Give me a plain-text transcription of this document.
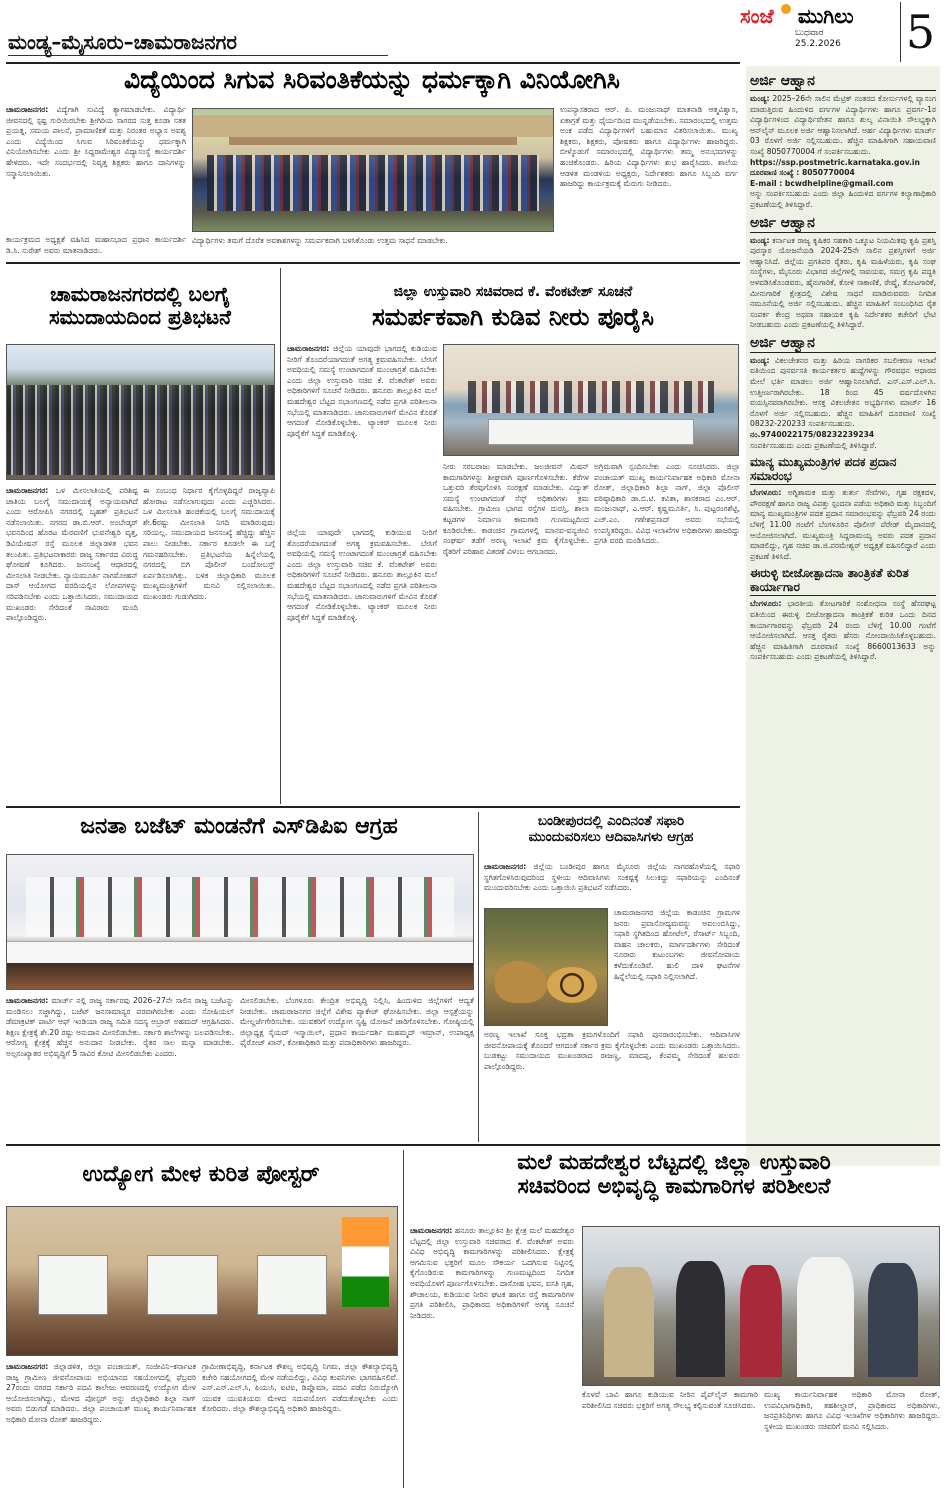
ಮಂಡ್ಯ–ಮೈಸೂರು–ಚಾಮರಾಜನಗರ
ಸಂಜೆ ಮುಗಿಲು
ಬುಧವಾರ
25.2.2026	5
ವಿದ್ಯೆಯಿಂದ ಸಿಗುವ ಸಿರಿವಂತಿಕೆಯನ್ನು ಧರ್ಮಕ್ಕಾಗಿ ವಿನಿಯೋಗಿಸಿ
ಚಾಮರಾಜನಗರ: ವಿದ್ಯೆಗಾಗಿ ಸುವಿದ್ಯೆ ತ್ಯಾಗಮಾಡಬೇಕು. ವಿದ್ಯಾರ್ಥಿ ಜೀವನದಲ್ಲಿ ಸ್ಪಷ್ಟ ಗುರಿಯಿರಬೇಕು ಶ್ರೀಗಿರಿಯ ಸಾಗರದ ಸುತ್ತ ಕೂಡಾ ಸತತ ಪ್ರಯತ್ನ, ಸಮಯ ಪಾಲನೆ, ಪ್ರಾಮಾಣಿಕತೆ ಮತ್ತು ನಿರಂತರ ಅಭ್ಯಾಸ ಅವಶ್ಯ ಎಂದು ವಿದ್ಯೆಯಿಂದ ಸಿಗುವ ಸಿರಿವಂತಿಕೆಯನ್ನು ಧರ್ಮಕ್ಕಾಗಿ ವಿನಿಯೋಗಿಸಬೇಕು ಎಂದು ಶ್ರೀ ಸಿದ್ದರಾಮೇಶ್ವರ ವಿದ್ಯಾಸಂಸ್ಥೆ ಕಾರ್ಯದರ್ಶಿ ಹೇಳಿದರು. ಇದೇ ಸಂದರ್ಭದಲ್ಲಿ ನಿವೃತ್ತ ಶಿಕ್ಷಕರು ಹಾಗೂ ದಾನಿಗಳನ್ನು ಸನ್ಮಾನಿಸಲಾಯಿತು.
ಕಾರ್ಯಕ್ರಮದ ಅಧ್ಯಕ್ಷತೆ ವಹಿಸಿದ ಮಹಾಸಭಾದ ಪ್ರಧಾನ ಕಾರ್ಯದರ್ಶಿ ಡಿ.ಸಿ. ಸುರೇಶ್ ಅವರು ಮಾತನಾಡಿದರು.
ವಿದ್ಯಾರ್ಥಿಗಳು ತಮಗೆ ದೊರೆತ ಅವಕಾಶಗಳನ್ನು ಸಮರ್ಪಕವಾಗಿ ಬಳಸಿಕೊಂಡು ಉತ್ತಮ ಸಾಧನೆ ಮಾಡಬೇಕು.
ಉಪನ್ಯಾಸಕರಾದ ಆರ್. ಪಿ. ಮಂಜುನಾಥ್ ಮಾತನಾಡಿ ಆತ್ಮವಿಶ್ವಾಸ, ಏಕಾಗ್ರತೆ ಮತ್ತು ಧೈರ್ಯದಿಂದ ಮುನ್ನಡೆಯಬೇಕು. ಸಮಾರಂಭದಲ್ಲಿ ಉತ್ತಮ ಅಂಕ ಪಡೆದ ವಿದ್ಯಾರ್ಥಿಗಳಿಗೆ ಬಹುಮಾನ ವಿತರಿಸಲಾಯಿತು. ಮುಖ್ಯ ಶಿಕ್ಷಕರು, ಶಿಕ್ಷಕರು, ಪೋಷಕರು ಹಾಗೂ ವಿದ್ಯಾರ್ಥಿಗಳು ಹಾಜರಿದ್ದರು. ಬೀಳ್ಕೊಡುಗೆ ಸಮಾರಂಭದಲ್ಲಿ ವಿದ್ಯಾರ್ಥಿಗಳು ತಮ್ಮ ಅನುಭವಗಳನ್ನು ಹಂಚಿಕೊಂಡರು. ಹಿರಿಯ ವಿದ್ಯಾರ್ಥಿಗಳು ಶುಭ ಹಾರೈಸಿದರು. ಶಾಲೆಯ ಆಡಳಿತ ಮಂಡಳಿಯ ಅಧ್ಯಕ್ಷರು, ನಿರ್ದೇಶಕರು ಹಾಗೂ ಸಿಬ್ಬಂದಿ ವರ್ಗ ಹಾಜರಿದ್ದು ಕಾರ್ಯಕ್ರಮಕ್ಕೆ ಮೆರುಗು ನೀಡಿದರು.
ಚಾಮರಾಜನಗರದಲ್ಲಿ ಬಲಗೈ
ಸಮುದಾಯದಿಂದ ಪ್ರತಿಭಟನೆ
ಚಾಮರಾಜನಗರ: ಒಳ ಮೀಸಲಾತಿಯಲ್ಲಿ ಪರಿಶಿಷ್ಟ ಜಾತಿಯ ಬಲಗೈ ಸಮುದಾಯಕ್ಕೆ ಅನ್ಯಾಯವಾಗಿದೆ ಎಂದು ಆರೋಪಿಸಿ ನಗರದಲ್ಲಿ ಬೃಹತ್ ಪ್ರತಿಭಟನೆ ನಡೆಸಲಾಯಿತು. ನಗರದ ಡಾ.ಬಿ.ಆರ್. ಅಂಬೇಡ್ಕರ್ ಭವನದಿಂದ ಹೊರಟ ಮೆರವಣಿಗೆ ಭುವನೇಶ್ವರಿ ವೃತ್ತ, ಡಿವಿಯೇಷನ್ ರಸ್ತೆ ಮೂಲಕ ಜಿಲ್ಲಾಡಳಿತ ಭವನ ತಲುಪಿತು. ಪ್ರತಿಭಟನಾಕಾರರು ರಾಜ್ಯ ಸರ್ಕಾರದ ವಿರುದ್ಧ ಘೋಷಣೆ ಕೂಗಿದರು. ಜನಸಂಖ್ಯೆ ಆಧಾರದಲ್ಲಿ ಮೀಸಲಾತಿ ನೀಡಬೇಕು. ನ್ಯಾಯಮೂರ್ತಿ ನಾಗಮೋಹನ್ ದಾಸ್ ಆಯೋಗದ ವರದಿಯಲ್ಲಿನ ಲೋಪಗಳನ್ನು ಸರಿಪಡಿಸಬೇಕು ಎಂದು ಒತ್ತಾಯಿಸಿದರು. ಸಮುದಾಯದ ಮುಖಂಡರು ಸೇರಿದಂತೆ ಸಾವಿರಾರು ಮಂದಿ ಪಾಲ್ಗೊಂಡಿದ್ದರು.
ಈ ಸಂಬಂಧ ನಿರ್ಧಾರ ಕೈಗೊಳ್ಳದಿದ್ದರೆ ರಾಜ್ಯವ್ಯಾಪಿ ಹೋರಾಟ ನಡೆಸಲಾಗುವುದು ಎಂದು ಎಚ್ಚರಿಸಿದರು. ಒಳ ಮೀಸಲಾತಿ ಹಂಚಿಕೆಯಲ್ಲಿ ಬಲಗೈ ಸಮುದಾಯಕ್ಕೆ ಶೇ.6ರಷ್ಟು ಮೀಸಲಾತಿ ನಿಗದಿ ಮಾಡಿರುವುದು ಸರಿಯಲ್ಲ. ಸಮುದಾಯದ ಜನಸಂಖ್ಯೆ ಹೆಚ್ಚಿದ್ದು ಹೆಚ್ಚಿನ ಪಾಲು ನೀಡಬೇಕು. ಸರ್ಕಾರ ಕೂಡಲೇ ಈ ಬಗ್ಗೆ ಗಮನಹರಿಸಬೇಕು. ಪ್ರತಿಭಟನೆಯ ಹಿನ್ನೆಲೆಯಲ್ಲಿ ನಗರದಲ್ಲಿ ಬಿಗಿ ಪೊಲೀಸ್ ಬಂದೋಬಸ್ತ್ ಏರ್ಪಡಿಸಲಾಗಿತ್ತು. ಬಳಿಕ ಜಿಲ್ಲಾಧಿಕಾರಿ ಮೂಲಕ ಮುಖ್ಯಮಂತ್ರಿಗಳಿಗೆ ಮನವಿ ಸಲ್ಲಿಸಲಾಯಿತು. ಮುಖಂಡರು ಗುಡುಗಿದರು.
ಜಿಲ್ಲಾ ಉಸ್ತುವಾರಿ ಸಚಿವರಾದ ಕೆ. ವೆಂಕಟೇಶ್ ಸೂಚನೆ
ಸಮರ್ಪಕವಾಗಿ ಕುಡಿವ ನೀರು ಪೂರೈಸಿ
ಚಾಮರಾಜನಗರ: ಜಿಲ್ಲೆಯ ಯಾವುದೇ ಭಾಗದಲ್ಲಿ ಕುಡಿಯುವ ನೀರಿಗೆ ತೊಂದರೆಯಾಗದಂತೆ ಅಗತ್ಯ ಕ್ರಮವಹಿಸಬೇಕು. ಬೇಸಿಗೆ ಅವಧಿಯಲ್ಲಿ ಸಮಸ್ಯೆ ಉಂಟಾಗದಂತೆ ಮುಂಜಾಗ್ರತೆ ವಹಿಸಬೇಕು ಎಂದು ಜಿಲ್ಲಾ ಉಸ್ತುವಾರಿ ಸಚಿವ ಕೆ. ವೆಂಕಟೇಶ್ ಅವರು ಅಧಿಕಾರಿಗಳಿಗೆ ಸೂಚನೆ ನೀಡಿದರು. ಹನೂರು ತಾಲ್ಲೂಕಿನ ಮಲೆ ಮಹದೇಶ್ವರ ಬೆಟ್ಟದ ಸಭಾಂಗಣದಲ್ಲಿ ನಡೆದ ಪ್ರಗತಿ ಪರಿಶೀಲನಾ ಸಭೆಯಲ್ಲಿ ಮಾತನಾಡಿದರು. ಜಾನುವಾರುಗಳಿಗೆ ಮೇವಿನ ಕೊರತೆ ಆಗದಂತೆ ನೋಡಿಕೊಳ್ಳಬೇಕು. ಟ್ಯಾಂಕರ್ ಮೂಲಕ ನೀರು ಪೂರೈಕೆಗೆ ಸಿದ್ಧತೆ ಮಾಡಿಕೊಳ್ಳಿ.
ಜಿಲ್ಲೆಯ ಯಾವುದೇ ಭಾಗದಲ್ಲಿ ಕುಡಿಯುವ ನೀರಿಗೆ ತೊಂದರೆಯಾಗದಂತೆ ಅಗತ್ಯ ಕ್ರಮವಹಿಸಬೇಕು. ಬೇಸಿಗೆ ಅವಧಿಯಲ್ಲಿ ಸಮಸ್ಯೆ ಉಂಟಾಗದಂತೆ ಮುಂಜಾಗ್ರತೆ ವಹಿಸಬೇಕು ಎಂದು ಜಿಲ್ಲಾ ಉಸ್ತುವಾರಿ ಸಚಿವ ಕೆ. ವೆಂಕಟೇಶ್ ಅವರು ಅಧಿಕಾರಿಗಳಿಗೆ ಸೂಚನೆ ನೀಡಿದರು. ಹನೂರು ತಾಲ್ಲೂಕಿನ ಮಲೆ ಮಹದೇಶ್ವರ ಬೆಟ್ಟದ ಸಭಾಂಗಣದಲ್ಲಿ ನಡೆದ ಪ್ರಗತಿ ಪರಿಶೀಲನಾ ಸಭೆಯಲ್ಲಿ ಮಾತನಾಡಿದರು. ಜಾನುವಾರುಗಳಿಗೆ ಮೇವಿನ ಕೊರತೆ ಆಗದಂತೆ ನೋಡಿಕೊಳ್ಳಬೇಕು. ಟ್ಯಾಂಕರ್ ಮೂಲಕ ನೀರು ಪೂರೈಕೆಗೆ ಸಿದ್ಧತೆ ಮಾಡಿಕೊಳ್ಳಿ.
ನೀರು ಸರಬರಾಜು ಮಾಡಬೇಕು. ಜಲಜೀವನ್ ಮಿಷನ್ ಕಾಮಗಾರಿಗಳನ್ನು ಶೀಘ್ರವಾಗಿ ಪೂರ್ಣಗೊಳಿಸಬೇಕು. ಕೆರೆಗಳ ಒತ್ತುವರಿ ತೆರವುಗೊಳಿಸಿ ಸಂರಕ್ಷಣೆ ಮಾಡಬೇಕು. ವಿದ್ಯುತ್ ಸಮಸ್ಯೆ ಉಂಟಾಗದಂತೆ ಸೆಸ್ಕ್ ಅಧಿಕಾರಿಗಳು ಕ್ರಮ ವಹಿಸಬೇಕು. ಗ್ರಾಮೀಣ ಭಾಗದ ರಸ್ತೆಗಳ ದುರಸ್ತಿ, ಶಾಲಾ ಕಟ್ಟಡಗಳ ನಿರ್ಮಾಣ ಕಾಮಗಾರಿ ಗುಣಮಟ್ಟದಿಂದ ಕೂಡಿರಬೇಕು. ಕಾಡಂಚಿನ ಗ್ರಾಮಗಳಲ್ಲಿ ಮಾನವ-ವನ್ಯಜೀವಿ ಸಂಘರ್ಷ ತಡೆಗೆ ಅರಣ್ಯ ಇಲಾಖೆ ಕ್ರಮ ಕೈಗೊಳ್ಳಬೇಕು. ರೈತರಿಗೆ ಪರಿಹಾರ ವಿತರಣೆ ವಿಳಂಬ ಆಗಬಾರದು.
ಅಗ್ರಿಮವಾಗಿ ಸ್ಪಂದಿಸಬೇಕು ಎಂದು ಸೂಚಿಸಿದರು. ಜಿಲ್ಲಾ ಪಂಚಾಯತ್ ಮುಖ್ಯ ಕಾರ್ಯನಿರ್ವಾಹಕ ಅಧಿಕಾರಿ ಮೋನಾ ರೋತ್, ಜಿಲ್ಲಾಧಿಕಾರಿ ಶಿಲ್ಪಾ ನಾಗ್, ಜಿಲ್ಲಾ ಪೊಲೀಸ್ ವರಿಷ್ಠಾಧಿಕಾರಿ ಡಾ.ಬಿ.ಟಿ. ಕವಿತಾ, ಶಾಸಕರಾದ ಎಂ.ಆರ್. ಮಂಜುನಾಥ್, ಎ.ಆರ್. ಕೃಷ್ಣಮೂರ್ತಿ, ಸಿ. ಪುಟ್ಟರಂಗಶೆಟ್ಟಿ, ಎಚ್.ಎಂ. ಗಣೇಶಪ್ರಸಾದ್ ಅವರು ಸಭೆಯಲ್ಲಿ ಉಪಸ್ಥಿತರಿದ್ದರು. ವಿವಿಧ ಇಲಾಖೆಗಳ ಅಧಿಕಾರಿಗಳು ಹಾಜರಿದ್ದು ಪ್ರಗತಿ ವರದಿ ಮಂಡಿಸಿದರು.
ಅರ್ಜಿ ಆಹ್ವಾನ
ಮಂಡ್ಯ: 2025–26ನೇ ಸಾಲಿನ ಮೆಟ್ರಿಕ್ ನಂತರದ ಕೋರ್ಸುಗಳಲ್ಲಿ ವ್ಯಾಸಂಗ ಮಾಡುತ್ತಿರುವ ಹಿಂದುಳಿದ ವರ್ಗಗಳ ವಿದ್ಯಾರ್ಥಿಗಳು ಹಾಗೂ ಪ್ರವರ್ಗ-1ರ ವಿದ್ಯಾರ್ಥಿಗಳಿಂದ ವಿದ್ಯಾರ್ಥಿವೇತನ ಹಾಗೂ ಶುಲ್ಕ ವಿನಾಯಿತಿ ಸೌಲಭ್ಯಕ್ಕಾಗಿ ಆನ್‌ಲೈನ್ ಮೂಲಕ ಅರ್ಜಿ ಆಹ್ವಾನಿಸಲಾಗಿದೆ. ಅರ್ಹ ವಿದ್ಯಾರ್ಥಿಗಳು ಮಾರ್ಚ್ 03 ರೊಳಗೆ ಅರ್ಜಿ ಸಲ್ಲಿಸಬಹುದು. ಹೆಚ್ಚಿನ ಮಾಹಿತಿಗಾಗಿ ಸಹಾಯವಾಣಿ ಸಂಖ್ಯೆ 8050770004 ಗೆ ಸಂಪರ್ಕಿಸಬಹುದು.
https://ssp.postmetric.karnataka.gov.in
ದೂರವಾಣಿ ಸಂಖ್ಯೆ : 8050770004
E-mail : bcwdhelpline@gmail.com
ಅನ್ನು ಸಂಪರ್ಕಿಸಬಹುದು ಎಂದು ಜಿಲ್ಲಾ ಹಿಂದುಳಿದ ವರ್ಗಗಳ ಕಲ್ಯಾಣಾಧಿಕಾರಿ ಪ್ರಕಟಣೆಯಲ್ಲಿ ತಿಳಿಸಿದ್ದಾರೆ.
ಅರ್ಜಿ ಆಹ್ವಾನ
ಮಂಡ್ಯ: ಕರ್ನಾಟಕ ರಾಜ್ಯ ಕೃಷಿಕರ ಸಹಕಾರಿ ಒಕ್ಕೂಟ ನಿಯಮಿತವು ಕೃಷಿ ಪ್ರಶಸ್ತಿ ಪುರಸ್ಕಾರ ಯೋಜನೆಯಡಿ 2024-25ನೇ ಸಾಲಿನ ಪ್ರಶಸ್ತಿಗಳಿಗೆ ಅರ್ಜಿ ಆಹ್ವಾನಿಸಿದೆ. ಜಿಲ್ಲೆಯ ಪ್ರಗತಿಪರ ರೈತರು, ಕೃಷಿ ಮಹಿಳೆಯರು, ಕೃಷಿ ಸಂಘ ಸಂಸ್ಥೆಗಳು, ಮೈಸೂರು ವಿಭಾಗದ ಜಿಲ್ಲೆಗಳಲ್ಲಿ ಸಾವಯವ, ಸಮಗ್ರ ಕೃಷಿ ಪದ್ಧತಿ ಅಳವಡಿಸಿಕೊಂಡವರು, ಹೈನುಗಾರಿಕೆ, ಕೋಳಿ ಸಾಕಾಣಿಕೆ, ರೇಷ್ಮೆ, ತೋಟಗಾರಿಕೆ, ಮೀನುಗಾರಿಕೆ ಕ್ಷೇತ್ರದಲ್ಲಿ ವಿಶೇಷ ಸಾಧನೆ ಮಾಡಿರುವವರು ನಿಗದಿತ ನಮೂನೆಯಲ್ಲಿ ಅರ್ಜಿ ಸಲ್ಲಿಸಬಹುದು. ಹೆಚ್ಚಿನ ಮಾಹಿತಿಗೆ ಸಂಬಂಧಿಸಿದ ರೈತ ಸಂಪರ್ಕ ಕೇಂದ್ರ ಅಥವಾ ಸಹಾಯಕ ಕೃಷಿ ನಿರ್ದೇಶಕರ ಕಚೇರಿಗೆ ಭೇಟಿ ನೀಡಬಹುದು ಎಂದು ಪ್ರಕಟಣೆಯಲ್ಲಿ ತಿಳಿಸಿದ್ದಾರೆ.
ಅರ್ಜಿ ಆಹ್ವಾನ
ಮಂಡ್ಯ: ವಿಕಲಚೇತನರ ಮತ್ತು ಹಿರಿಯ ನಾಗರಿಕರ ಸಬಲೀಕರಣ ಇಲಾಖೆ ವತಿಯಿಂದ ಪುನರ್ವಸತಿ ಕಾರ್ಯಕರ್ತರ ಹುದ್ದೆಗಳನ್ನು ಗೌರವಧನ ಆಧಾರದ ಮೇಲೆ ಭರ್ತಿ ಮಾಡಲು ಅರ್ಜಿ ಆಹ್ವಾನಿಸಲಾಗಿದೆ. ಎಸ್.ಎಸ್.ಎಲ್.ಸಿ. ಉತ್ತೀರ್ಣರಾಗಿರಬೇಕು. 18 ರಿಂದ 45 ವರ್ಷದೊಳಗಿನ ವಯಸ್ಸಿನವರಾಗಿರಬೇಕು. ಆಸಕ್ತ ವಿಕಲಚೇತನ ಅಭ್ಯರ್ಥಿಗಳು ಮಾರ್ಚ್ 16 ರೊಳಗೆ ಅರ್ಜಿ ಸಲ್ಲಿಸಬಹುದು. ಹೆಚ್ಚಿನ ಮಾಹಿತಿಗೆ ದೂರವಾಣಿ ಸಂಖ್ಯೆ 08232-220233 ಸಂಪರ್ಕಿಸಬಹುದು.
ನಂ.9740022175/08232239234
ಸಂಪರ್ಕಿಸಬಹುದು ಎಂದು ಪ್ರಕಟಣೆಯಲ್ಲಿ ತಿಳಿಸಿದ್ದಾರೆ.
ಮಾನ್ಯ ಮುಖ್ಯಮಂತ್ರಿಗಳ ಪದಕ ಪ್ರದಾನ ಸಮಾರಂಭ
ಬೆಂಗಳೂರು: ಅಗ್ನಿಶಾಮಕ ಮತ್ತು ತುರ್ತು ಸೇವೆಗಳು, ಗೃಹ ರಕ್ಷಕದಳ, ಪೌರರಕ್ಷಣೆ ಹಾಗೂ ರಾಜ್ಯ ವಿಪತ್ತು ಸ್ಪಂದನಾ ಪಡೆಯ ಅಧಿಕಾರಿ ಮತ್ತು ಸಿಬ್ಬಂದಿಗೆ ಮಾನ್ಯ ಮುಖ್ಯಮಂತ್ರಿಗಳ ಪದಕ ಪ್ರದಾನ ಸಮಾರಂಭವನ್ನು ಫೆಬ್ರವರಿ 24 ರಂದು ಬೆಳಿಗ್ಗೆ 11.00 ಗಂಟೆಗೆ ಬೆಂಗಳೂರಿನ ಪೊಲೀಸ್ ಪೆರೇಡ್ ಮೈದಾನದಲ್ಲಿ ಆಯೋಜಿಸಲಾಗಿದೆ. ಮುಖ್ಯಮಂತ್ರಿ ಸಿದ್ದರಾಮಯ್ಯ ಅವರು ಪದಕ ಪ್ರದಾನ ಮಾಡಲಿದ್ದು, ಗೃಹ ಸಚಿವ ಡಾ.ಜಿ.ಪರಮೇಶ್ವರ್ ಅಧ್ಯಕ್ಷತೆ ವಹಿಸಲಿದ್ದಾರೆ ಎಂದು ಪ್ರಕಟಣೆ ತಿಳಿಸಿದೆ.
ಈರುಳ್ಳಿ ಬೀಜೋತ್ಪಾದನಾ ತಾಂತ್ರಿಕತೆ ಕುರಿತ ಕಾರ್ಯಾಗಾರ
ಬೆಂಗಳೂರು: ಭಾರತೀಯ ತೋಟಗಾರಿಕೆ ಸಂಶೋಧನಾ ಸಂಸ್ಥೆ ಹೆಸರಘಟ್ಟ ವತಿಯಿಂದ ಈರುಳ್ಳಿ ಬೀಜೋತ್ಪಾದನಾ ತಾಂತ್ರಿಕತೆ ಕುರಿತ ಒಂದು ದಿನದ ಕಾರ್ಯಾಗಾರವನ್ನು ಫೆಬ್ರವರಿ 24 ರಂದು ಬೆಳಿಗ್ಗೆ 10.00 ಗಂಟೆಗೆ ಆಯೋಜಿಸಲಾಗಿದೆ. ಆಸಕ್ತ ರೈತರು ಹೆಸರು ನೋಂದಾಯಿಸಿಕೊಳ್ಳಬಹುದು. ಹೆಚ್ಚಿನ ಮಾಹಿತಿಗಾಗಿ ದೂರವಾಣಿ ಸಂಖ್ಯೆ 8660013633 ಅನ್ನು ಸಂಪರ್ಕಿಸಬಹುದು ಎಂದು ಪ್ರಕಟಣೆಯಲ್ಲಿ ತಿಳಿಸಿದ್ದಾರೆ.
ಜನತಾ ಬಜೆಟ್ ಮಂಡನೆಗೆ ಎಸ್‌ಡಿಪಿಐ ಆಗ್ರಹ
ಚಾಮರಾಜನಗರ: ಮಾರ್ಚ್ ನಲ್ಲಿ ರಾಜ್ಯ ಸರ್ಕಾರವು 2026–27ನೇ ಸಾಲಿನ ರಾಜ್ಯ ಬಜೆಟನ್ನು ಮಂಡಿಸಲು ಸಜ್ಜಾಗಿದ್ದು, ಬಜೆಟ್ ಜನಸಾಮಾನ್ಯರ ಪರವಾಗಿರಬೇಕು ಎಂದು ಸೋಷಿಯಲ್ ಡೆಮಾಕ್ರಟಿಕ್ ಪಾರ್ಟಿ ಆಫ್ ಇಂಡಿಯಾ ರಾಜ್ಯ ಸಮಿತಿ ಸದಸ್ಯ ಅಬ್ರಾರ್ ಅಹಮದ್ ಆಗ್ರಹಿಸಿದರು. ಶಿಕ್ಷಣ ಕ್ಷೇತ್ರಕ್ಕೆ ಶೇ.20 ರಷ್ಟು ಅನುದಾನ ಮೀಸಲಿಡಬೇಕು. ಸರ್ಕಾರಿ ಶಾಲೆಗಳನ್ನು ಬಲಪಡಿಸಬೇಕು. ಆರೋಗ್ಯ ಕ್ಷೇತ್ರಕ್ಕೆ ಹೆಚ್ಚಿನ ಅನುದಾನ ನೀಡಬೇಕು. ರೈತರ ಸಾಲ ಮನ್ನಾ ಮಾಡಬೇಕು. ಅಲ್ಪಸಂಖ್ಯಾತರ ಅಭಿವೃದ್ಧಿಗೆ 5 ಸಾವಿರ ಕೋಟಿ ಮೀಸಲಿಡಬೇಕು ಎಂದರು.
ಮೀಸಲಿಡಬೇಕು. ಬೆಂಗಳೂರು ಕೇಂದ್ರಿತ ಅಭಿವೃದ್ಧಿ ನಿಲ್ಲಿಸಿ, ಹಿಂದುಳಿದ ಜಿಲ್ಲೆಗಳಿಗೆ ಆದ್ಯತೆ ನೀಡಬೇಕು. ಚಾಮರಾಜನಗರ ಜಿಲ್ಲೆಗೆ ವಿಶೇಷ ಪ್ಯಾಕೇಜ್ ಘೋಷಿಸಬೇಕು. ಜಿಲ್ಲಾ ಆಸ್ಪತ್ರೆಯನ್ನು ಮೇಲ್ದರ್ಜೆಗೇರಿಸಬೇಕು. ಯುವಕರಿಗೆ ಉದ್ಯೋಗ ಸೃಷ್ಟಿ ಯೋಜನೆ ಜಾರಿಗೊಳಿಸಬೇಕು. ಗೋಷ್ಠಿಯಲ್ಲಿ ಜಿಲ್ಲಾಧ್ಯಕ್ಷ ಸೈಯದ್ ಇಸ್ಮಾಯಿಲ್, ಪ್ರಧಾನ ಕಾರ್ಯದರ್ಶಿ ಮಹಮ್ಮದ್ ಇಮ್ರಾನ್, ಉಪಾಧ್ಯಕ್ಷ ಫೈರೋಜ್ ಖಾನ್, ಕೋಶಾಧಿಕಾರಿ ಮತ್ತು ಪದಾಧಿಕಾರಿಗಳು ಹಾಜರಿದ್ದರು.
ಬಂಡೀಪುರದಲ್ಲಿ ಎಂದಿನಂತೆ ಸಫಾರಿ
ಮುಂದುವರಿಸಲು ಆದಿವಾಸಿಗಳು ಆಗ್ರಹ
ಚಾಮರಾಜನಗರ: ಜಿಲ್ಲೆಯ ಬಂಡೀಪುರ ಹಾಗೂ ಮೈಸೂರು ಜಿಲ್ಲೆಯ ನಾಗರಹೊಳೆಯಲ್ಲಿ ಸಫಾರಿ ಸ್ಥಗಿತಗೊಳಿಸಿರುವುದರಿಂದ ಸ್ಥಳೀಯ ಆದಿವಾಸಿಗಳು ಸಂಕಷ್ಟಕ್ಕೆ ಸಿಲುಕಿದ್ದು ಸಫಾರಿಯನ್ನು ಎಂದಿನಂತೆ ಮುಂದುವರಿಸಬೇಕು ಎಂದು ಒತ್ತಾಯಿಸಿ ಪ್ರತಿಭಟನೆ ನಡೆಸಿದರು.
ಚಾಮರಾಜನಗರ ಜಿಲ್ಲೆಯ ಕಾಡಂಚಿನ ಗ್ರಾಮಗಳ ಜನರು ಪ್ರವಾಸೋದ್ಯಮವನ್ನು ಅವಲಂಬಿಸಿದ್ದು, ಸಫಾರಿ ಸ್ಥಗಿತದಿಂದ ಹೋಟೆಲ್, ರೆಸಾರ್ಟ್ ಸಿಬ್ಬಂದಿ, ವಾಹನ ಚಾಲಕರು, ಮಾರ್ಗದರ್ಶಿಗಳು ಸೇರಿದಂತೆ ನೂರಾರು ಕುಟುಂಬಗಳು ಜೀವನೋಪಾಯ ಕಳೆದುಕೊಂಡಿವೆ. ಹುಲಿ ದಾಳಿ ಘಟನೆಗಳ ಹಿನ್ನೆಲೆಯಲ್ಲಿ ಸಫಾರಿ ನಿಲ್ಲಿಸಲಾಗಿದೆ.
ಅರಣ್ಯ ಇಲಾಖೆ ಸೂಕ್ತ ಭದ್ರತಾ ಕ್ರಮಗಳೊಂದಿಗೆ ಸಫಾರಿ ಪುನರಾರಂಭಿಸಬೇಕು. ಆದಿವಾಸಿಗಳ ಜೀವನೋಪಾಯಕ್ಕೆ ತೊಂದರೆ ಆಗದಂತೆ ಸರ್ಕಾರ ಕ್ರಮ ಕೈಗೊಳ್ಳಬೇಕು ಎಂದು ಮುಖಂಡರು ಒತ್ತಾಯಿಸಿದರು. ಬುಡಕಟ್ಟು ಸಮುದಾಯದ ಮುಖಂಡರಾದ ರಾಜಣ್ಣ, ಮಾದಪ್ಪ, ಕೆಂಪಮ್ಮ ಸೇರಿದಂತೆ ಹಲವರು ಪಾಲ್ಗೊಂಡಿದ್ದರು.
ಉದ್ಯೋಗ ಮೇಳ ಕುರಿತ ಪೋಸ್ಟರ್
ಚಾಮರಾಜನಗರ: ಜಿಲ್ಲಾಡಳಿತ, ಜಿಲ್ಲಾ ಪಂಚಾಯತ್, ಸಂಜೀವಿನಿ–ಕರ್ನಾಟಕ ರಾಜ್ಯ ಗ್ರಾಮೀಣ ಜೀವನೋಪಾಯ ಅಭಿಯಾನದ ಸಹಯೋಗದಲ್ಲಿ ಫೆಬ್ರವರಿ 27ರಂದು ನಗರದ ಸರ್ಕಾರಿ ಪದವಿ ಕಾಲೇಜು ಆವರಣದಲ್ಲಿ ಉದ್ಯೋಗ ಮೇಳ ಆಯೋಜಿಸಲಾಗಿದ್ದು, ಮೇಳದ ಪೋಸ್ಟರ್ ಅನ್ನು ಜಿಲ್ಲಾಧಿಕಾರಿ ಶಿಲ್ಪಾ ನಾಗ್ ಅವರು ಬಿಡುಗಡೆ ಮಾಡಿದರು. ಜಿಲ್ಲಾ ಪಂಚಾಯತ್ ಮುಖ್ಯ ಕಾರ್ಯನಿರ್ವಾಹಕ ಅಧಿಕಾರಿ ಮೋನಾ ರೋತ್ ಹಾಜರಿದ್ದರು.
ಗ್ರಾಮೀಣಾಭಿವೃದ್ಧಿ, ಕರ್ನಾಟಕ ಕೌಶಲ್ಯ ಅಭಿವೃದ್ಧಿ ನಿಗಮ, ಜಿಲ್ಲಾ ಕೌಶಲ್ಯಾಭಿವೃದ್ಧಿ ಕಚೇರಿ ಸಹಯೋಗದಲ್ಲಿ ಮೇಳ ನಡೆಯಲಿದ್ದು, ವಿವಿಧ ಕಂಪನಿಗಳು ಭಾಗವಹಿಸಲಿವೆ. ಎಸ್.ಎಸ್.ಎಲ್.ಸಿ, ಪಿಯುಸಿ, ಐಟಿಐ, ಡಿಪ್ಲೊಮಾ, ಪದವಿ ಪಡೆದ ನಿರುದ್ಯೋಗಿ ಯುವಕ ಯುವತಿಯರು ಮೇಳದ ಸದುಪಯೋಗ ಪಡೆದುಕೊಳ್ಳಬೇಕು ಎಂದು ಕೋರಿದರು. ಜಿಲ್ಲಾ ಕೌಶಲ್ಯಾಭಿವೃದ್ಧಿ ಅಧಿಕಾರಿ ಹಾಜರಿದ್ದರು.
ಮಲೆ ಮಹದೇಶ್ವರ ಬೆಟ್ಟದಲ್ಲಿ ಜಿಲ್ಲಾ ಉಸ್ತುವಾರಿ
ಸಚಿವರಿಂದ ಅಭಿವೃದ್ಧಿ ಕಾಮಗಾರಿಗಳ ಪರಿಶೀಲನೆ
ಚಾಮರಾಜನಗರ: ಹನೂರು ತಾಲ್ಲೂಕಿನ ಶ್ರೀ ಕ್ಷೇತ್ರ ಮಲೆ ಮಹದೇಶ್ವರ ಬೆಟ್ಟದಲ್ಲಿ ಜಿಲ್ಲಾ ಉಸ್ತುವಾರಿ ಸಚಿವರಾದ ಕೆ. ವೆಂಕಟೇಶ್ ಅವರು ವಿವಿಧ ಅಭಿವೃದ್ಧಿ ಕಾಮಗಾರಿಗಳನ್ನು ಪರಿಶೀಲಿಸಿದರು. ಕ್ಷೇತ್ರಕ್ಕೆ ಆಗಮಿಸುವ ಭಕ್ತರಿಗೆ ಮೂಲ ಸೌಕರ್ಯ ಒದಗಿಸುವ ನಿಟ್ಟಿನಲ್ಲಿ ಕೈಗೊಂಡಿರುವ ಕಾಮಗಾರಿಗಳನ್ನು ಗುಣಮಟ್ಟದಿಂದ ನಿಗದಿತ ಅವಧಿಯೊಳಗೆ ಪೂರ್ಣಗೊಳಿಸಬೇಕು. ದಾಸೋಹ ಭವನ, ವಸತಿ ಗೃಹ, ಶೌಚಾಲಯ, ಕುಡಿಯುವ ನೀರಿನ ಘಟಕ ಹಾಗೂ ರಸ್ತೆ ಕಾಮಗಾರಿಗಳ ಪ್ರಗತಿ ಪರಿಶೀಲಿಸಿ, ಪ್ರಾಧಿಕಾರದ ಅಧಿಕಾರಿಗಳಿಗೆ ಅಗತ್ಯ ಸೂಚನೆ ನೀಡಿದರು.
ಕೊಳವೆ ಬಾವಿ ಹಾಗೂ ಕುಡಿಯುವ ನೀರಿನ ಪೈಪ್‌ಲೈನ್ ಕಾಮಗಾರಿ ಪರಿಶೀಲಿಸಿದ ಸಚಿವರು ಭಕ್ತರಿಗೆ ಅಗತ್ಯ ಸೌಲಭ್ಯ ಕಲ್ಪಿಸುವಂತೆ ಸೂಚಿಸಿದರು.
ಮುಖ್ಯ ಕಾರ್ಯನಿರ್ವಾಹಕ ಅಧಿಕಾರಿ ಮೋನಾ ರೋತ್, ಉಪವಿಭಾಗಾಧಿಕಾರಿ, ತಹಶೀಲ್ದಾರ್, ಪ್ರಾಧಿಕಾರದ ಅಧಿಕಾರಿಗಳು, ಜನಪ್ರತಿನಿಧಿಗಳು ಹಾಗೂ ವಿವಿಧ ಇಲಾಖೆಗಳ ಅಧಿಕಾರಿಗಳು ಹಾಜರಿದ್ದರು. ಸ್ಥಳೀಯ ಮುಖಂಡರು ಸಚಿವರಿಗೆ ಮನವಿ ಸಲ್ಲಿಸಿದರು.
